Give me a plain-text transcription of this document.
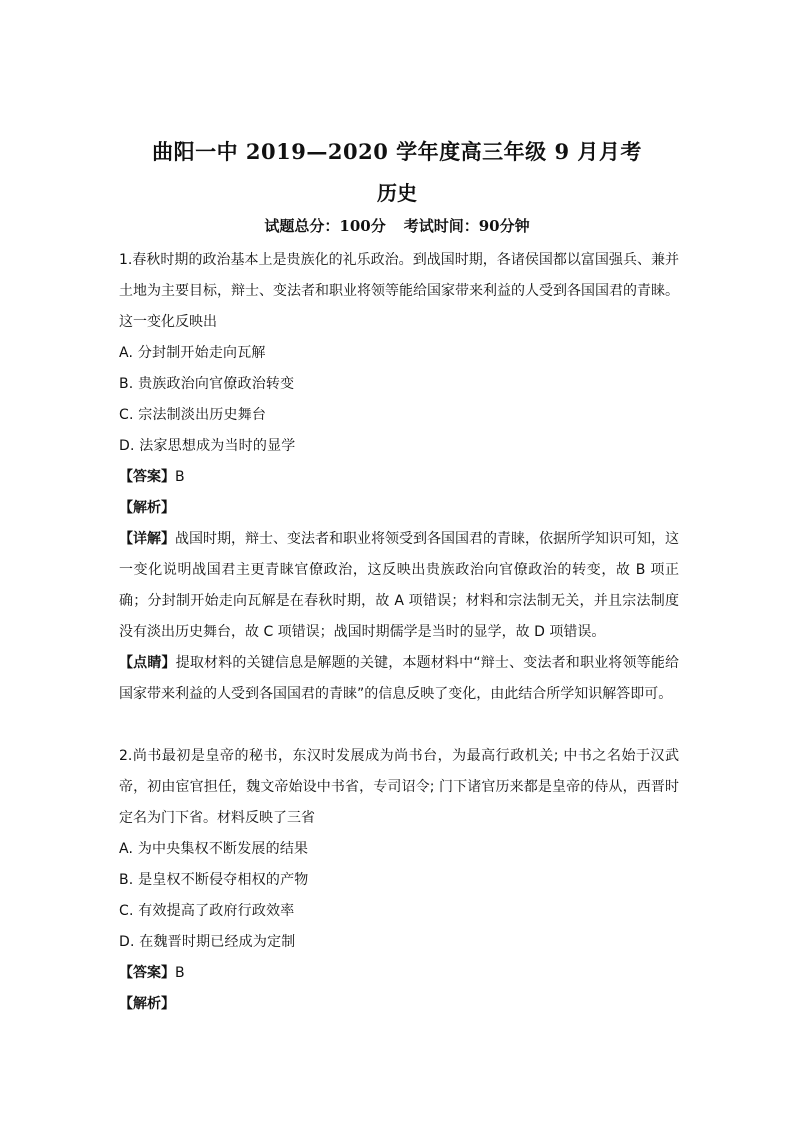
曲阳一中 2019—2020 学年度高三年级 9 月月考
历史
试题总分：100分 考试时间：90分钟

1.春秋时期的政治基本上是贵族化的礼乐政治。到战国时期，各诸侯国都以富国强兵、兼并土地为主要目标，辩士、变法者和职业将领等能给国家带来利益的人受到各国国君的青睐。这一变化反映出

A. 分封制开始走向瓦解

B. 贵族政治向官僚政治转变

C. 宗法制淡出历史舞台

D. 法家思想成为当时的显学

【答案】B

【解析】

【详解】战国时期，辩士、变法者和职业将领受到各国国君的青睐，依据所学知识可知，这一变化说明战国君主更青睐官僚政治，这反映出贵族政治向官僚政治的转变，故 B 项正确；分封制开始走向瓦解是在春秋时期，故 A 项错误；材料和宗法制无关，并且宗法制度没有淡出历史舞台，故 C 项错误；战国时期儒学是当时的显学，故 D 项错误。

【点睛】提取材料的关键信息是解题的关键，本题材料中“辩士、变法者和职业将领等能给国家带来利益的人受到各国国君的青睐”的信息反映了变化，由此结合所学知识解答即可。

2.尚书最初是皇帝的秘书，东汉时发展成为尚书台，为最高行政机关; 中书之名始于汉武帝，初由宦官担任，魏文帝始设中书省，专司诏令; 门下诸官历来都是皇帝的侍从，西晋时定名为门下省。材料反映了三省

A. 为中央集权不断发展的结果

B. 是皇权不断侵夺相权的产物

C. 有效提高了政府行政效率

D. 在魏晋时期已经成为定制

【答案】B

【解析】
